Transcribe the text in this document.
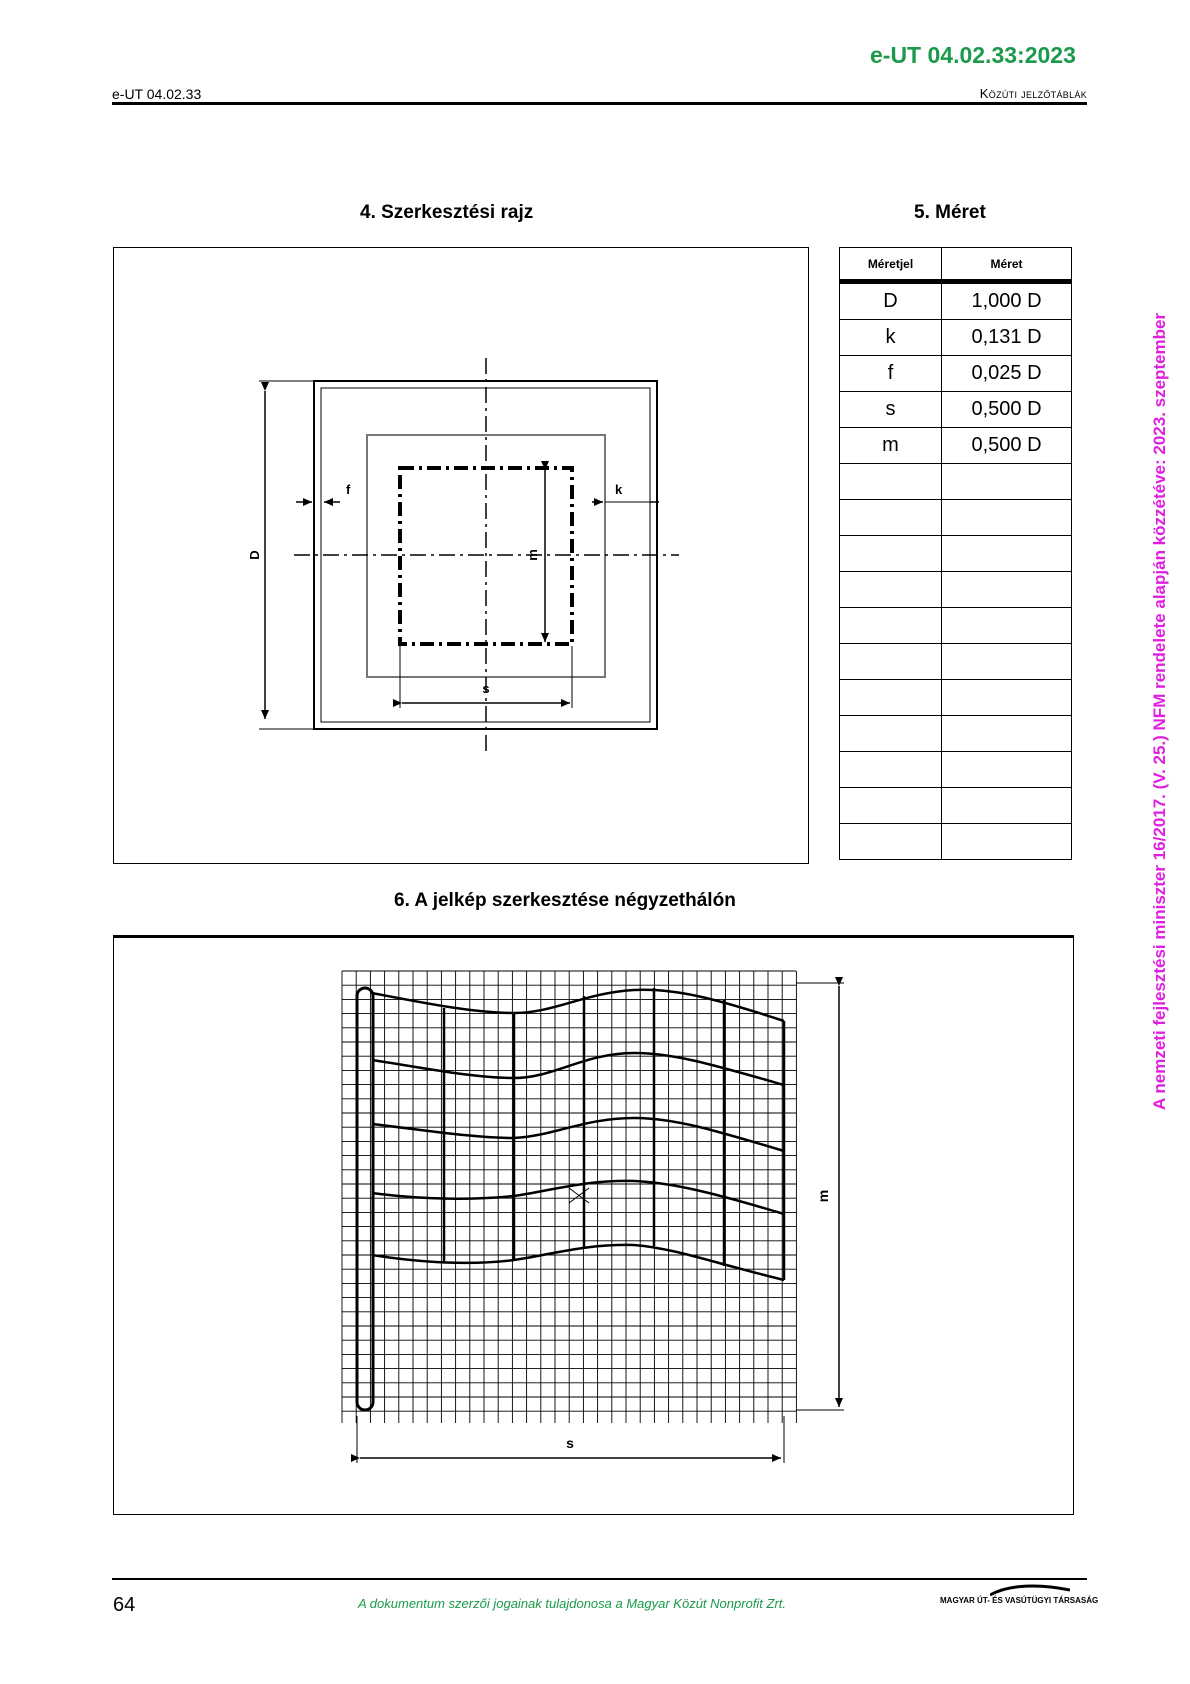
e-UT 04.02.33:2023
e-UT 04.02.33	Közúti jelzőtáblák
A nemzeti fejlesztési miniszter 16/2017. (V. 25.) NFM rendelete alapján közzétéve: 2023. szeptember
4. Szerkesztési rajz	5. Méret
6. A jelkép szerkesztése négyzethálón
D
f	k
m
s
Méretjel	Méret
D	1,000 D
k	0,131 D
f	0,025 D
s	0,500 D
m	0,500 D

m
s
64	A dokumentum szerzői jogainak tulajdonosa a Magyar Közút Nonprofit Zrt.	MAGYAR ÚT- ÉS VASÚTÜGYI TÁRSASÁG
